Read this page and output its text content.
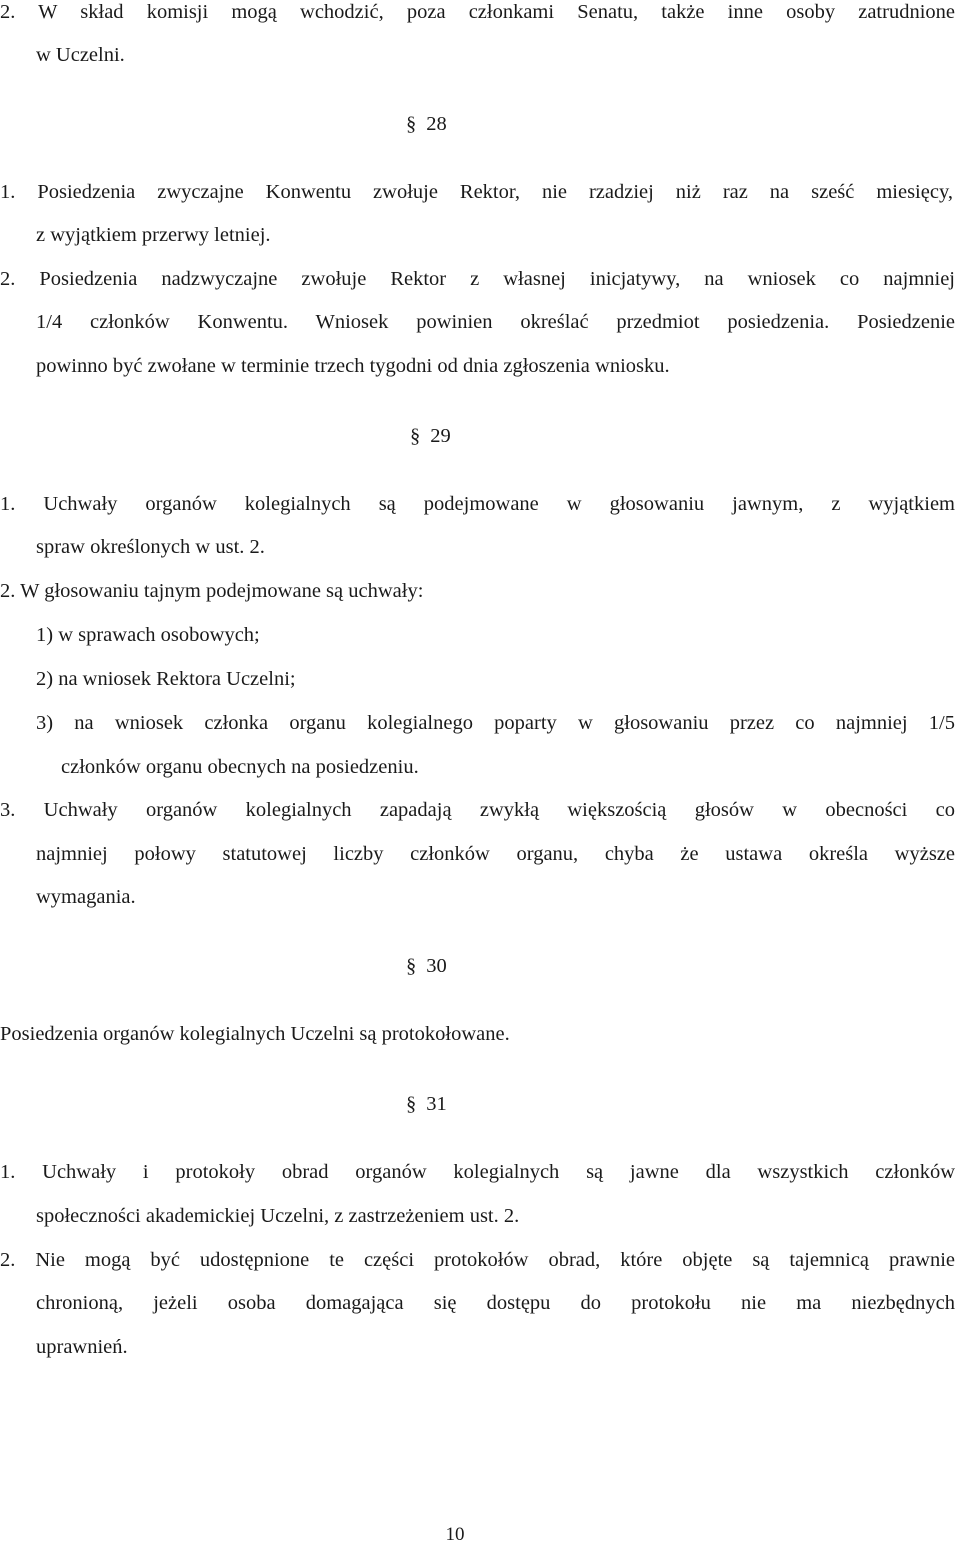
2. W skład komisji mogą wchodzić, poza członkami Senatu, także inne osoby zatrudnione
w Uczelni.
§ 28
1. Posiedzenia zwyczajne Konwentu zwołuje Rektor, nie rzadziej niż raz na sześć miesięcy,
z wyjątkiem przerwy letniej.
2. Posiedzenia nadzwyczajne zwołuje Rektor z własnej inicjatywy, na wniosek co najmniej
1/4 członków Konwentu. Wniosek powinien określać przedmiot posiedzenia. Posiedzenie
powinno być zwołane w terminie trzech tygodni od dnia zgłoszenia wniosku.
§ 29
1. Uchwały organów kolegialnych są podejmowane w głosowaniu jawnym, z wyjątkiem
spraw określonych w ust. 2.
2. W głosowaniu tajnym podejmowane są uchwały:
1) w sprawach osobowych;
2) na wniosek Rektora Uczelni;
3) na wniosek członka organu kolegialnego poparty w głosowaniu przez co najmniej 1/5
członków organu obecnych na posiedzeniu.
3. Uchwały organów kolegialnych zapadają zwykłą większością głosów w obecności co
najmniej połowy statutowej liczby członków organu, chyba że ustawa określa wyższe
wymagania.
§ 30
Posiedzenia organów kolegialnych Uczelni są protokołowane.
§ 31
1. Uchwały i protokoły obrad organów kolegialnych są jawne dla wszystkich członków
społeczności akademickiej Uczelni, z zastrzeżeniem ust. 2.
2. Nie mogą być udostępnione te części protokołów obrad, które objęte są tajemnicą prawnie
chronioną, jeżeli osoba domagająca się dostępu do protokołu nie ma niezbędnych
uprawnień.
10
